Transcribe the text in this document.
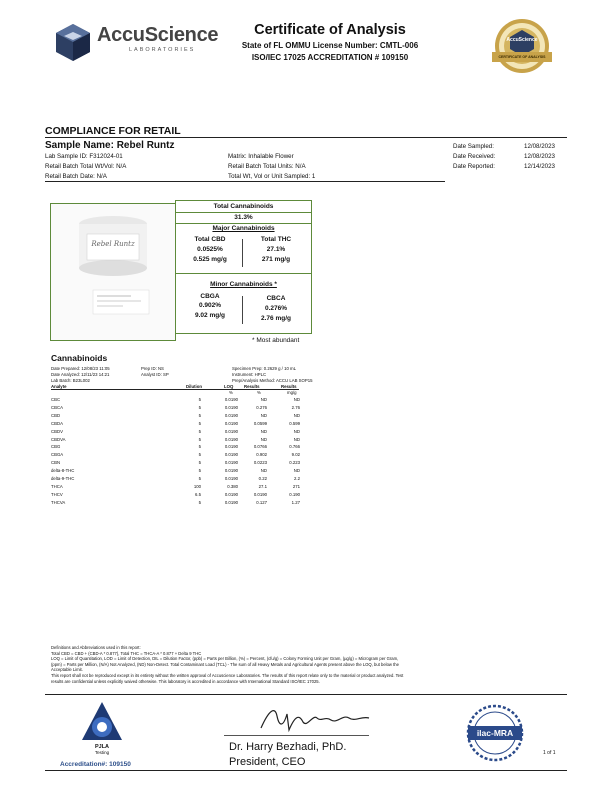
AccuScience
LABORATORIES
Certificate of Analysis
State of FL OMMU License Number: CMTL-006
ISO/IEC 17025 ACCREDITATION # 109150
AccuScience
CERTIFICATE OF ANALYSIS
COMPLIANCE FOR RETAIL
Sample Name: Rebel Runtz
Lab Sample ID: F312024-01
Retail Batch Total Wt/Vol: N/A
Retail Batch Date: N/A
Matrix: Inhalable Flower
Retail Batch Total Units: N/A
Total Wt, Vol or Unit Sampled: 1
Date Sampled:	12/08/2023
Date Received:	12/08/2023
Date Reported:	12/14/2023
Rebel Runtz
Total Cannabinoids
31.3%
Major Cannabinoids
Total CBD
0.0525%
0.525 mg/g
Total THC
27.1%
271 mg/g
Minor Cannabinoids *
CBGA
0.902%
9.02 mg/g
CBCA
0.276%
2.76 mg/g
* Most abundant
Cannabinoids
Date Prepared: 12/08/23 11:05
Date Analyzed: 12/11/23 14:21
Lab Batch: B23L002
Prep ID: NS
Analyst ID: SP
Specimen Prep: 0.2629 g / 10 mL
Instrument: HPLC
Prep/Analysis Method: ACCU LAB SOP15
Analyte	Dilution	LOQ Results	Results
%	%	mg/g
CBC	5	0.0190	ND	ND
CBCA	5	0.0190	0.276	2.76
CBD	5	0.0190	ND	ND
CBDA	5	0.0190	0.0599	0.599
CBDV	5	0.0190	ND	ND
CBDVA	5	0.0190	ND	ND
CBG	5	0.0190	0.0766	0.766
CBGA	5	0.0190	0.902	9.02
CBN	5	0.0190	0.0223	0.223
delta-8-THC	5	0.0190	ND	ND
delta-9-THC	5	0.0190	0.22	2.2
THCA	100	0.380	27.1	271
THCV	6.5	0.0190	0.0190	0.190
THCVA	5	0.0190	0.127	1.27
Definitions and Abbreviations used in this report:
Total CBD = CBD + (CBD-A * 0.877), Total THC = THCA-A * 0.877 + Delta 9 THC
LOQ = Limit of Quantitation, LOD = Limit of Detection, DIL = Dilution Factor, (ppb) = Parts per Billion, (%) = Percent, (cfu/g) = Colony Forming Unit per Gram, (µg/g) = Microgram per Gram,
(ppm) = Parts per Million, (N/A) Not Analyzed, (ND) Non-Detect. Total Contaminant Load (TCL) - The sum of all Heavy Metals and Agricultural Agents present above the LOQ, but below the
Acceptable Limit.
This report shall not be reproduced except in its entirety without the written approval of Accuscience Laboratories. The results of this report relate only to the material or product analyzed. Test
results are confidential unless explicitly waived otherwise. This laboratory is accredited in accordance with International Standard ISO/IEC 17025.
PJLA
Testing
Accreditation#: 109150
Dr. Harry Bezhadi, PhD.
President, CEO
ilac-MRA
1 of 1
